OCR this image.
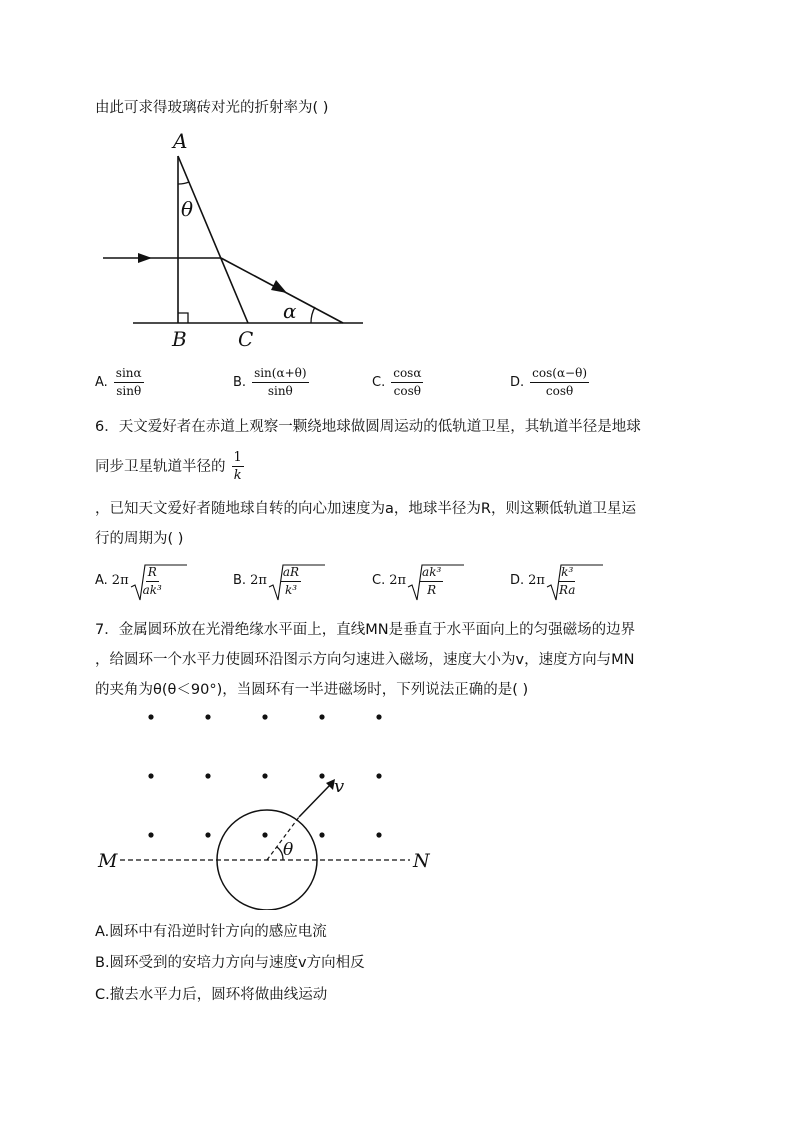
由此可求得玻璃砖对光的折射率为( )
A
θ
α
B	C
A. $\frac{\sin\alpha}{\sin\theta}$	B. $\frac{\sin(\alpha+\theta)}{\sin\theta}$	C. $\frac{\cos\alpha}{\cos\theta}$	D. $\frac{\cos(\alpha-\theta)}{\cos\theta}$
6．天文爱好者在赤道上观察一颗绕地球做圆周运动的低轨道卫星，其轨道半径是地球
同步卫星轨道半径的 $\frac{1}{k}$
，已知天文爱好者随地球自转的向心加速度为a，地球半径为R，则这颗低轨道卫星运
行的周期为( )
A. $2\pi \frac{R}{\text{ak³}}$	B. $2\pi \frac{aR}{\text{k³}}$	C. $2\pi \frac{\text{ak³}}{R}$	D. $2\pi \frac{\text{k³}}{Ra}$
7．金属圆环放在光滑绝缘水平面上，直线MN是垂直于水平面向上的匀强磁场的边界
，给圆环一个水平力使圆环沿图示方向匀速进入磁场，速度大小为v，速度方向与MN
的夹角为θ(θ＜90°)，当圆环有一半进磁场时，下列说法正确的是( )
M	N
v
θ
A.圆环中有沿逆时针方向的感应电流
B.圆环受到的安培力方向与速度v方向相反
C.撤去水平力后，圆环将做曲线运动
